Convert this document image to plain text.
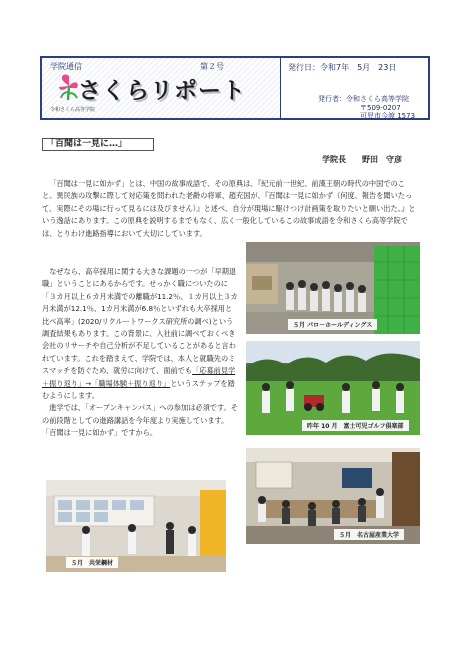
学院通信	第２号
さくらリポート
令和さくら高等学院
発行日：令和7年　5月　23日
発行者：令和さくら高等学院
〒509-0207
可児市今渡 1573
「百聞は一見に…」
学院長　　野田　守彦

「百聞は一見に如かず」とは、中国の故事成語で、その原典は、『紀元前一世紀、前漢王朝の時代の中国でのこと。異民族の攻撃に際して対応策を問われた老齢の将軍、趙充国が、『百聞は一見に如かず（何度、報告を聞いたって、実際にその場に行って見るには及びません）』と述べ、自分が現場に駆けつけ計画策を取りたいと願い出た。』という逸話にあります。この原典を説明するまでもなく、広く一般化しているこの故事成語を令和さくら高等学院では、とりわけ進路指導において大切にしています。

なぜなら、高卒採用に関する大きな課題の一つが「早期退職」ということにあるからです。せっかく職についたのに「３カ月以上６カ月未満での離職が11.2％、１カ月以上３カ月未満が12.1％、1カ月未満が6.8％といずれも大卒採用と比べ高率」(2020/リクルートワークス研究所の調べ)という調査結果もあります。この背景に、入社前に調べておくべき会社のリサーチや自己分析が不足していることがあると言われています。これを踏まえて、学院では、本人と就職先のミスマッチを防ぐため、就労に向けて、面前でも「応募前見学＋振り返り」→「職場体験＋振り返り」というステップを踏むようにします。

進学では、「オープンキャンパス」への参加は必須です。その前段階としての進路講話を今年度より実施しています。「百聞は一見に如かず」ですから。

５月 パロ－ホールディングス
昨年 10 月　富士可児ゴルフ倶楽部
５月　名古屋産業大学
５月　共栄鋼材
